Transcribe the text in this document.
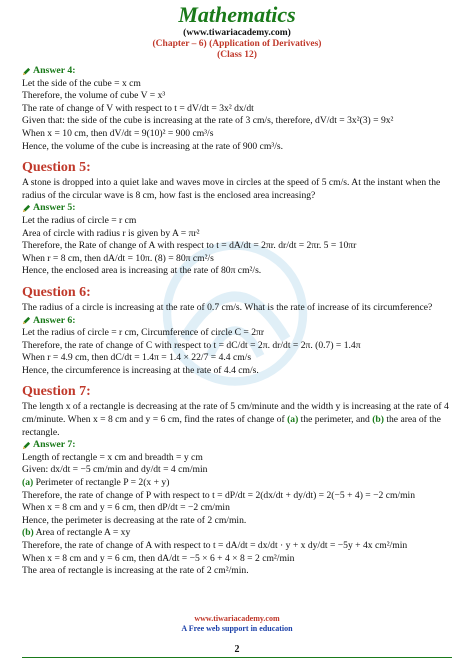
Mathematics
(www.tiwariacademy.com)
(Chapter – 6) (Application of Derivatives)
(Class 12)
Answer 4:
Let the side of the cube = x cm
Therefore, the volume of cube V = x³
The rate of change of V with respect to t = dV/dt = 3x² dx/dt
Given that: the side of the cube is increasing at the rate of 3 cm/s, therefore, dV/dt = 3x²(3) = 9x²
When x = 10 cm, then dV/dt = 9(10)² = 900 cm³/s
Hence, the volume of the cube is increasing at the rate of 900 cm³/s.
Question 5:
A stone is dropped into a quiet lake and waves move in circles at the speed of 5 cm/s. At the instant when the radius of the circular wave is 8 cm, how fast is the enclosed area increasing?
Answer 5:
Let the radius of circle = r cm
Area of circle with radius r is given by A = πr²
Therefore, the Rate of change of A with respect to t = dA/dt = 2πr. dr/dt = 2πr. 5 = 10πr
When r = 8 cm, then dA/dt = 10π. (8) = 80π cm²/s
Hence, the enclosed area is increasing at the rate of 80π cm²/s.
Question 6:
The radius of a circle is increasing at the rate of 0.7 cm/s. What is the rate of increase of its circumference?
Answer 6:
Let the radius of circle = r cm, Circumference of circle C = 2πr
Therefore, the rate of change of C with respect to t = dC/dt = 2π. dr/dt = 2π. (0.7) = 1.4π
When r = 4.9 cm, then dC/dt = 1.4π = 1.4 × 22/7 = 4.4 cm/s
Hence, the circumference is increasing at the rate of 4.4 cm/s.
Question 7:
The length x of a rectangle is decreasing at the rate of 5 cm/minute and the width y is increasing at the rate of 4 cm/minute. When x = 8 cm and y = 6 cm, find the rates of change of (a) the perimeter, and (b) the area of the rectangle.
Answer 7:
Length of rectangle = x cm and breadth = y cm
Given: dx/dt = −5 cm/min and dy/dt = 4 cm/min
(a) Perimeter of rectangle P = 2(x + y)
Therefore, the rate of change of P with respect to t = dP/dt = 2(dx/dt + dy/dt) = 2(−5 + 4) = −2 cm/min
When x = 8 cm and y = 6 cm, then dP/dt = −2 cm/min
Hence, the perimeter is decreasing at the rate of 2 cm/min.
(b) Area of rectangle A = xy
Therefore, the rate of change of A with respect to t = dA/dt = dx/dt · y + x dy/dt = −5y + 4x cm²/min
When x = 8 cm and y = 6 cm, then dA/dt = −5 × 6 + 4 × 8 = 2 cm²/min
The area of rectangle is increasing at the rate of 2 cm²/min.
www.tiwariacademy.com
A Free web support in education
2
